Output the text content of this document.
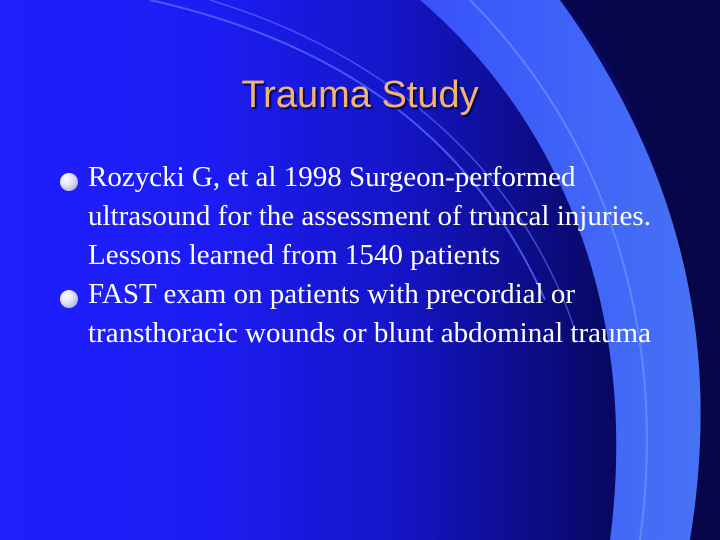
Trauma Study
Rozycki G, et al 1998 Surgeon-performed ultrasound for the assessment of truncal injuries. Lessons learned from 1540 patients
FAST exam on patients with precordial or transthoracic wounds or blunt abdominal trauma
